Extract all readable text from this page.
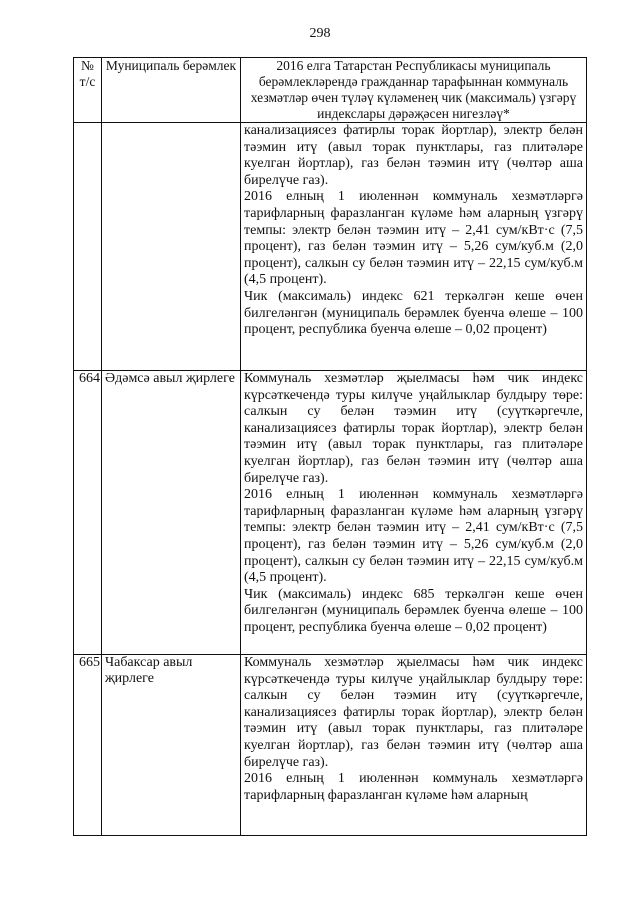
298
№ т/с	Муниципаль берәмлек	2016 елга Татарстан Республикасы муниципаль берәмлекләрендә гражданнар тарафыннан коммуналь хезмәтләр өчен түләү күләменең чик (максималь) үзгәрү индекслары дәрәҗәсен нигезләү*

		канализациясез фатирлы торак йортлар), электр белән тәэмин итү (авыл торак пунктлары, газ плитәләре куелган йортлар), газ белән тәэмин итү (чөлтәр аша бирелүче газ).

2016 елның 1 июленнән коммуналь хезмәтләргә тарифларның фаразланган күләме һәм аларның үзгәрү темпы: электр белән тәэмин итү – 2,41 сум/кВт·с (7,5 процент), газ белән тәэмин итү – 5,26 сум/куб.м (2,0 процент), салкын су белән тәэмин итү – 22,15 сум/куб.м (4,5 процент).

Чик (максималь) индекс 621 теркәлгән кеше өчен билгеләнгән (муниципаль берәмлек буенча өлеше – 100 процент, республика буенча өлеше – 0,02 процент)

664	Әдәмсә авыл җирлеге	Коммуналь хезмәтләр җыелмасы һәм чик индекс күрсәткечендә туры килүче уңайлыклар булдыру төре: салкын су белән тәэмин итү (суүткәргечле, канализациясез фатирлы торак йортлар), электр белән тәэмин итү (авыл торак пунктлары, газ плитәләре куелган йортлар), газ белән тәэмин итү (чөлтәр аша бирелүче газ).

2016 елның 1 июленнән коммуналь хезмәтләргә тарифларның фаразланган күләме һәм аларның үзгәрү темпы: электр белән тәэмин итү – 2,41 сум/кВт·с (7,5 процент), газ белән тәэмин итү – 5,26 сум/куб.м (2,0 процент), салкын су белән тәэмин итү – 22,15 сум/куб.м (4,5 процент).

Чик (максималь) индекс 685 теркәлгән кеше өчен билгеләнгән (муниципаль берәмлек буенча өлеше – 100 процент, республика буенча өлеше – 0,02 процент)

665	Чабаксар авыл җирлеге	Коммуналь хезмәтләр җыелмасы һәм чик индекс күрсәткечендә туры килүче уңайлыклар булдыру төре: салкын су белән тәэмин итү (суүткәргечле, канализациясез фатирлы торак йортлар), электр белән тәэмин итү (авыл торак пунктлары, газ плитәләре куелган йортлар), газ белән тәэмин итү (чөлтәр аша бирелүче газ).

2016 елның 1 июленнән коммуналь хезмәтләргә тарифларның фаразланган күләме һәм аларның
